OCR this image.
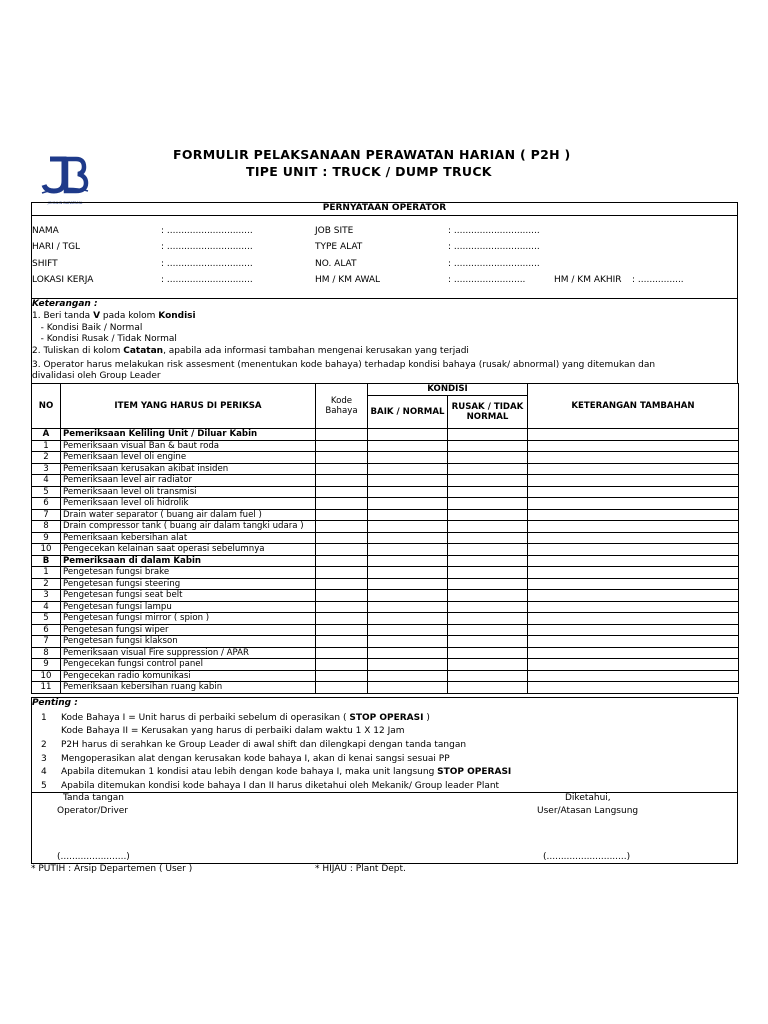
JOHNLIN BARATAMA
FORMULIR PELAKSANAAN PERAWATAN HARIAN ( P2H )
TIPE UNIT : TRUCK / DUMP TRUCK
PERNYATAAN OPERATOR
NAMA	: ..............................
HARI / TGL	: ..............................
SHIFT	: ..............................
LOKASI KERJA	: ..............................
JOB SITE	: ..............................
TYPE ALAT	: ..............................
NO. ALAT	: ..............................
HM / KM AWAL	: .........................	HM / KM AKHIR : ................
Keterangan :
1. Beri tanda V pada kolom Kondisi
- Kondisi Baik / Normal
- Kondisi Rusak / Tidak Normal
2. Tuliskan di kolom Catatan, apabila ada informasi tambahan mengenai kerusakan yang terjadi
3. Operator harus melakukan risk assesment (menentukan kode bahaya) terhadap kondisi bahaya (rusak/ abnormal) yang ditemukan dan
divalidasi oleh Group Leader
NO	ITEM YANG HARUS DI PERIKSA	Kode Bahaya	KONDISI		KETERANGAN TAMBAHAN
			BAIK / NORMAL	RUSAK / TIDAK NORMAL	
A	Pemeriksaan Keliling Unit / Diluar Kabin				
1	Pemeriksaan visual Ban & baut roda				
2	Pemeriksaan level oli engine				
3	Pemeriksaan kerusakan akibat insiden				
4	Pemeriksaan level air radiator				
5	Pemeriksaan level oli transmisi				
6	Pemeriksaan level oli hidrolik				
7	Drain water separator ( buang air dalam fuel )				
8	Drain compressor tank ( buang air dalam tangki udara )				
9	Pemeriksaan kebersihan alat				
10	Pengecekan kelainan saat operasi sebelumnya				
B	Pemeriksaan di dalam Kabin				
1	Pengetesan fungsi brake				
2	Pengetesan fungsi steering				
3	Pengetesan fungsi seat belt				
4	Pengetesan fungsi lampu				
5	Pengetesan fungsi mirror ( spion )				
6	Pengetesan fungsi wiper				
7	Pengetesan fungsi klakson				
8	Pemeriksaan visual Fire suppression / APAR				
9	Pengecekan fungsi control panel				
10	Pengecekan radio komunikasi				
11	Pemeriksaan kebersihan ruang kabin				
Penting :
1 Kode Bahaya I = Unit harus di perbaiki sebelum di operasikan ( STOP OPERASI )
Kode Bahaya II = Kerusakan yang harus di perbaiki dalam waktu 1 X 12 Jam
2 P2H harus di serahkan ke Group Leader di awal shift dan dilengkapi dengan tanda tangan
3 Mengoperasikan alat dengan kerusakan kode bahaya I, akan di kenai sangsi sesuai PP
4 Apabila ditemukan 1 kondisi atau lebih dengan kode bahaya I, maka unit langsung STOP OPERASI
5 Apabila ditemukan kondisi kode bahaya I dan II harus diketahui oleh Mekanik/ Group leader Plant
Tanda tangan
Operator/Driver
(.......................)
Diketahui,
User/Atasan Langsung
(............................)
* PUTIH : Arsip Departemen ( User )	* HIJAU : Plant Dept.
